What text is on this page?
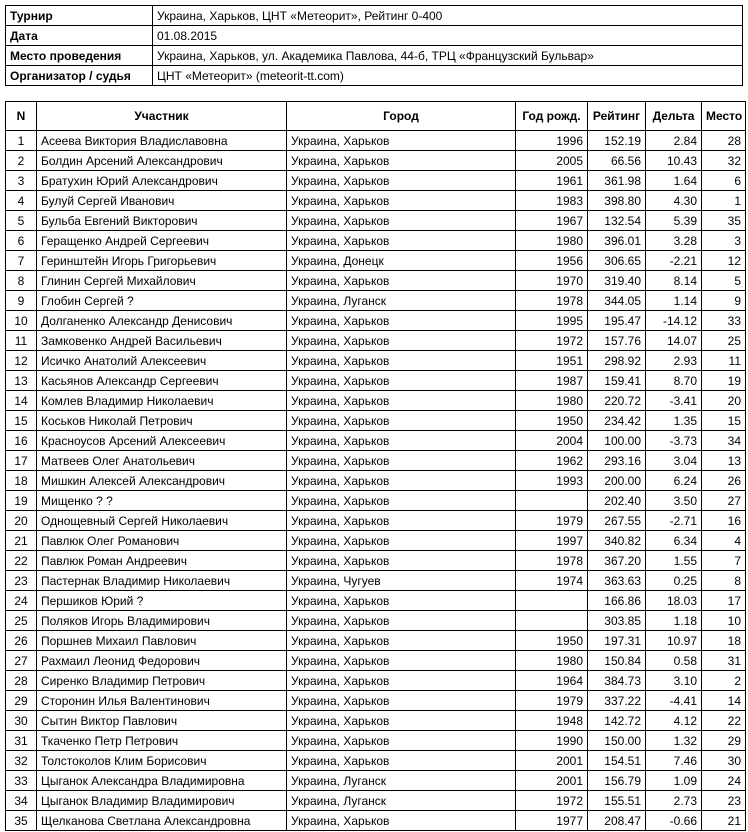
Турнир	Украина, Харьков, ЦНТ «Метеорит», Рейтинг 0-400
Дата	01.08.2015
Место проведения	Украина, Харьков, ул. Академика Павлова, 44-б, ТРЦ «Французский Бульвар»
Организатор / судья	ЦНТ «Метеорит» (meteorit-tt.com)
N	Участник	Город	Год рожд.	Рейтинг	Дельта	Место
1	Асеева Виктория Владиславовна	Украина, Харьков	1996	152.19	2.84	28
2	Болдин Арсений Александрович	Украина, Харьков	2005	66.56	10.43	32
3	Братухин Юрий Александрович	Украина, Харьков	1961	361.98	1.64	6
4	Булуй Сергей Иванович	Украина, Харьков	1983	398.80	4.30	1
5	Бульба Евгений Викторович	Украина, Харьков	1967	132.54	5.39	35
6	Геращенко Андрей Сергеевич	Украина, Харьков	1980	396.01	3.28	3
7	Геринштейн Игорь Григорьевич	Украина, Донецк	1956	306.65	-2.21	12
8	Глинин Сергей Михайлович	Украина, Харьков	1970	319.40	8.14	5
9	Глобин Сергей ?	Украина, Луганск	1978	344.05	1.14	9
10	Долганенко Александр Денисович	Украина, Харьков	1995	195.47	-14.12	33
11	Замковенко Андрей Васильевич	Украина, Харьков	1972	157.76	14.07	25
12	Исичко Анатолий Алексеевич	Украина, Харьков	1951	298.92	2.93	11
13	Касьянов Александр Сергеевич	Украина, Харьков	1987	159.41	8.70	19
14	Комлев Владимир Николаевич	Украина, Харьков	1980	220.72	-3.41	20
15	Коськов Николай Петрович	Украина, Харьков	1950	234.42	1.35	15
16	Красноусов Арсений Алексеевич	Украина, Харьков	2004	100.00	-3.73	34
17	Матвеев Олег Анатольевич	Украина, Харьков	1962	293.16	3.04	13
18	Мишкин Алексей Александрович	Украина, Харьков	1993	200.00	6.24	26
19	Мищенко ? ?	Украина, Харьков		202.40	3.50	27
20	Однощевный Сергей Николаевич	Украина, Харьков	1979	267.55	-2.71	16
21	Павлюк Олег Романович	Украина, Харьков	1997	340.82	6.34	4
22	Павлюк Роман Андреевич	Украина, Харьков	1978	367.20	1.55	7
23	Пастернак Владимир Николаевич	Украина, Чугуев	1974	363.63	0.25	8
24	Першиков Юрий ?	Украина, Харьков		166.86	18.03	17
25	Поляков Игорь Владимирович	Украина, Харьков		303.85	1.18	10
26	Поршнев Михаил Павлович	Украина, Харьков	1950	197.31	10.97	18
27	Рахмаил Леонид Федорович	Украина, Харьков	1980	150.84	0.58	31
28	Сиренко Владимир Петрович	Украина, Харьков	1964	384.73	3.10	2
29	Сторонин Илья Валентинович	Украина, Харьков	1979	337.22	-4.41	14
30	Сытин Виктор Павлович	Украина, Харьков	1948	142.72	4.12	22
31	Ткаченко Петр Петрович	Украина, Харьков	1990	150.00	1.32	29
32	Толстоколов Клим Борисович	Украина, Харьков	2001	154.51	7.46	30
33	Цыганок Александра Владимировна	Украина, Луганск	2001	156.79	1.09	24
34	Цыганок Владимир Владимирович	Украина, Луганск	1972	155.51	2.73	23
35	Щелканова Светлана Александровна	Украина, Харьков	1977	208.47	-0.66	21
